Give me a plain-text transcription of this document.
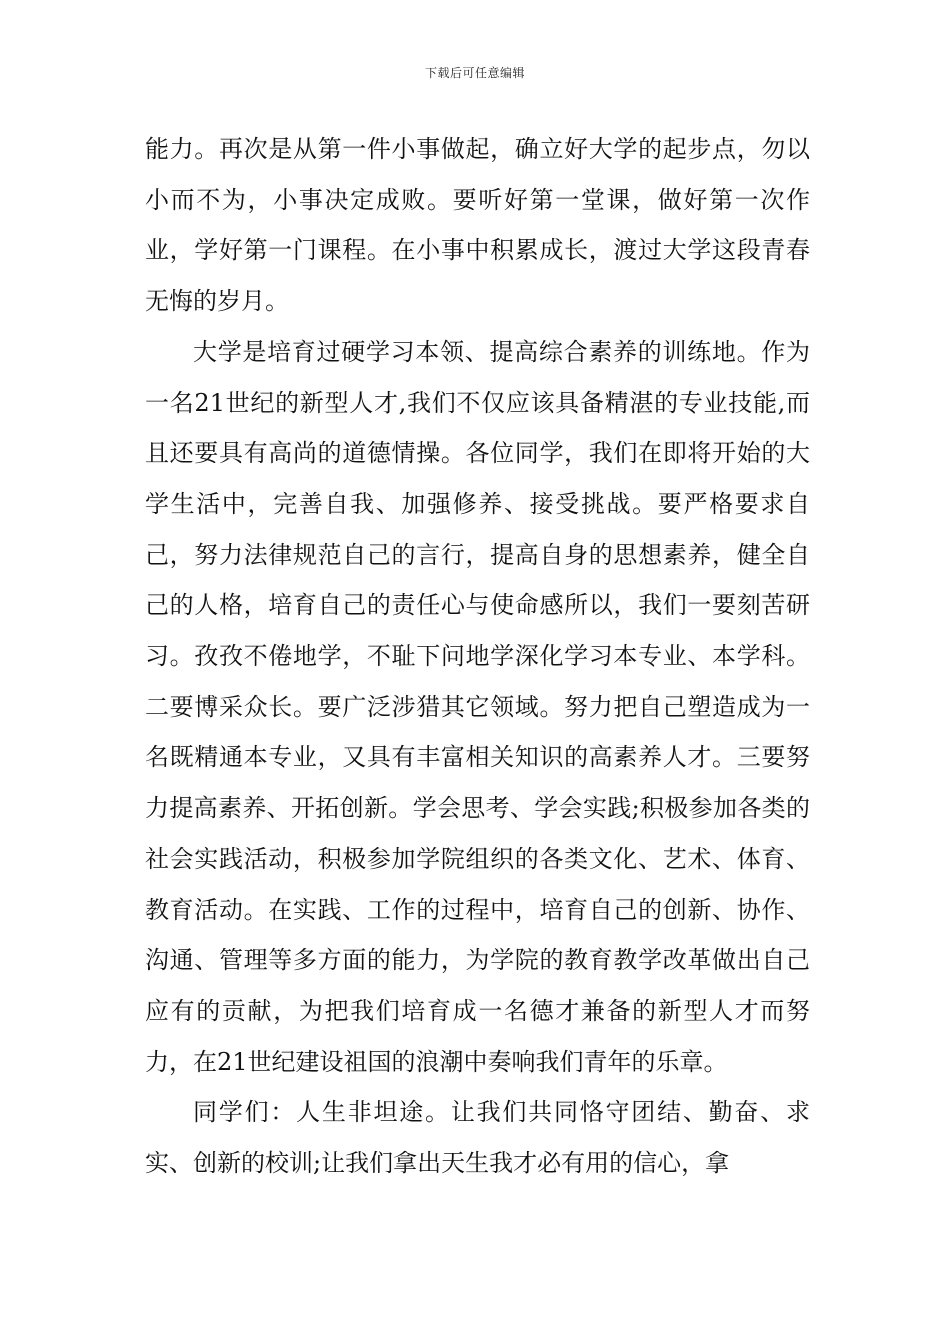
下载后可任意编辑

能力。再次是从第一件小事做起，确立好大学的起步点，勿以小而不为，小事决定成败。要听好第一堂课，做好第一次作业，学好第一门课程。在小事中积累成长，渡过大学这段青春无悔的岁月。

大学是培育过硬学习本领、提高综合素养的训练地。作为一名21世纪的新型人才,我们不仅应该具备精湛的专业技能,而且还要具有高尚的道德情操。各位同学，我们在即将开始的大学生活中，完善自我、加强修养、接受挑战。要严格要求自己，努力法律规范自己的言行，提高自身的思想素养，健全自己的人格，培育自己的责任心与使命感所以，我们一要刻苦研习。孜孜不倦地学，不耻下问地学深化学习本专业、本学科。二要博采众长。要广泛涉猎其它领域。努力把自己塑造成为一名既精通本专业，又具有丰富相关知识的高素养人才。三要努力提高素养、开拓创新。学会思考、学会实践;积极参加各类的社会实践活动，积极参加学院组织的各类文化、艺术、体育、教育活动。在实践、工作的过程中，培育自己的创新、协作、沟通、管理等多方面的能力，为学院的教育教学改革做出自己应有的贡献，为把我们培育成一名德才兼备的新型人才而努力，在21世纪建设祖国的浪潮中奏响我们青年的乐章。

同学们：人生非坦途。让我们共同恪守团结、勤奋、求实、创新的校训;让我们拿出天生我才必有用的信心，拿
